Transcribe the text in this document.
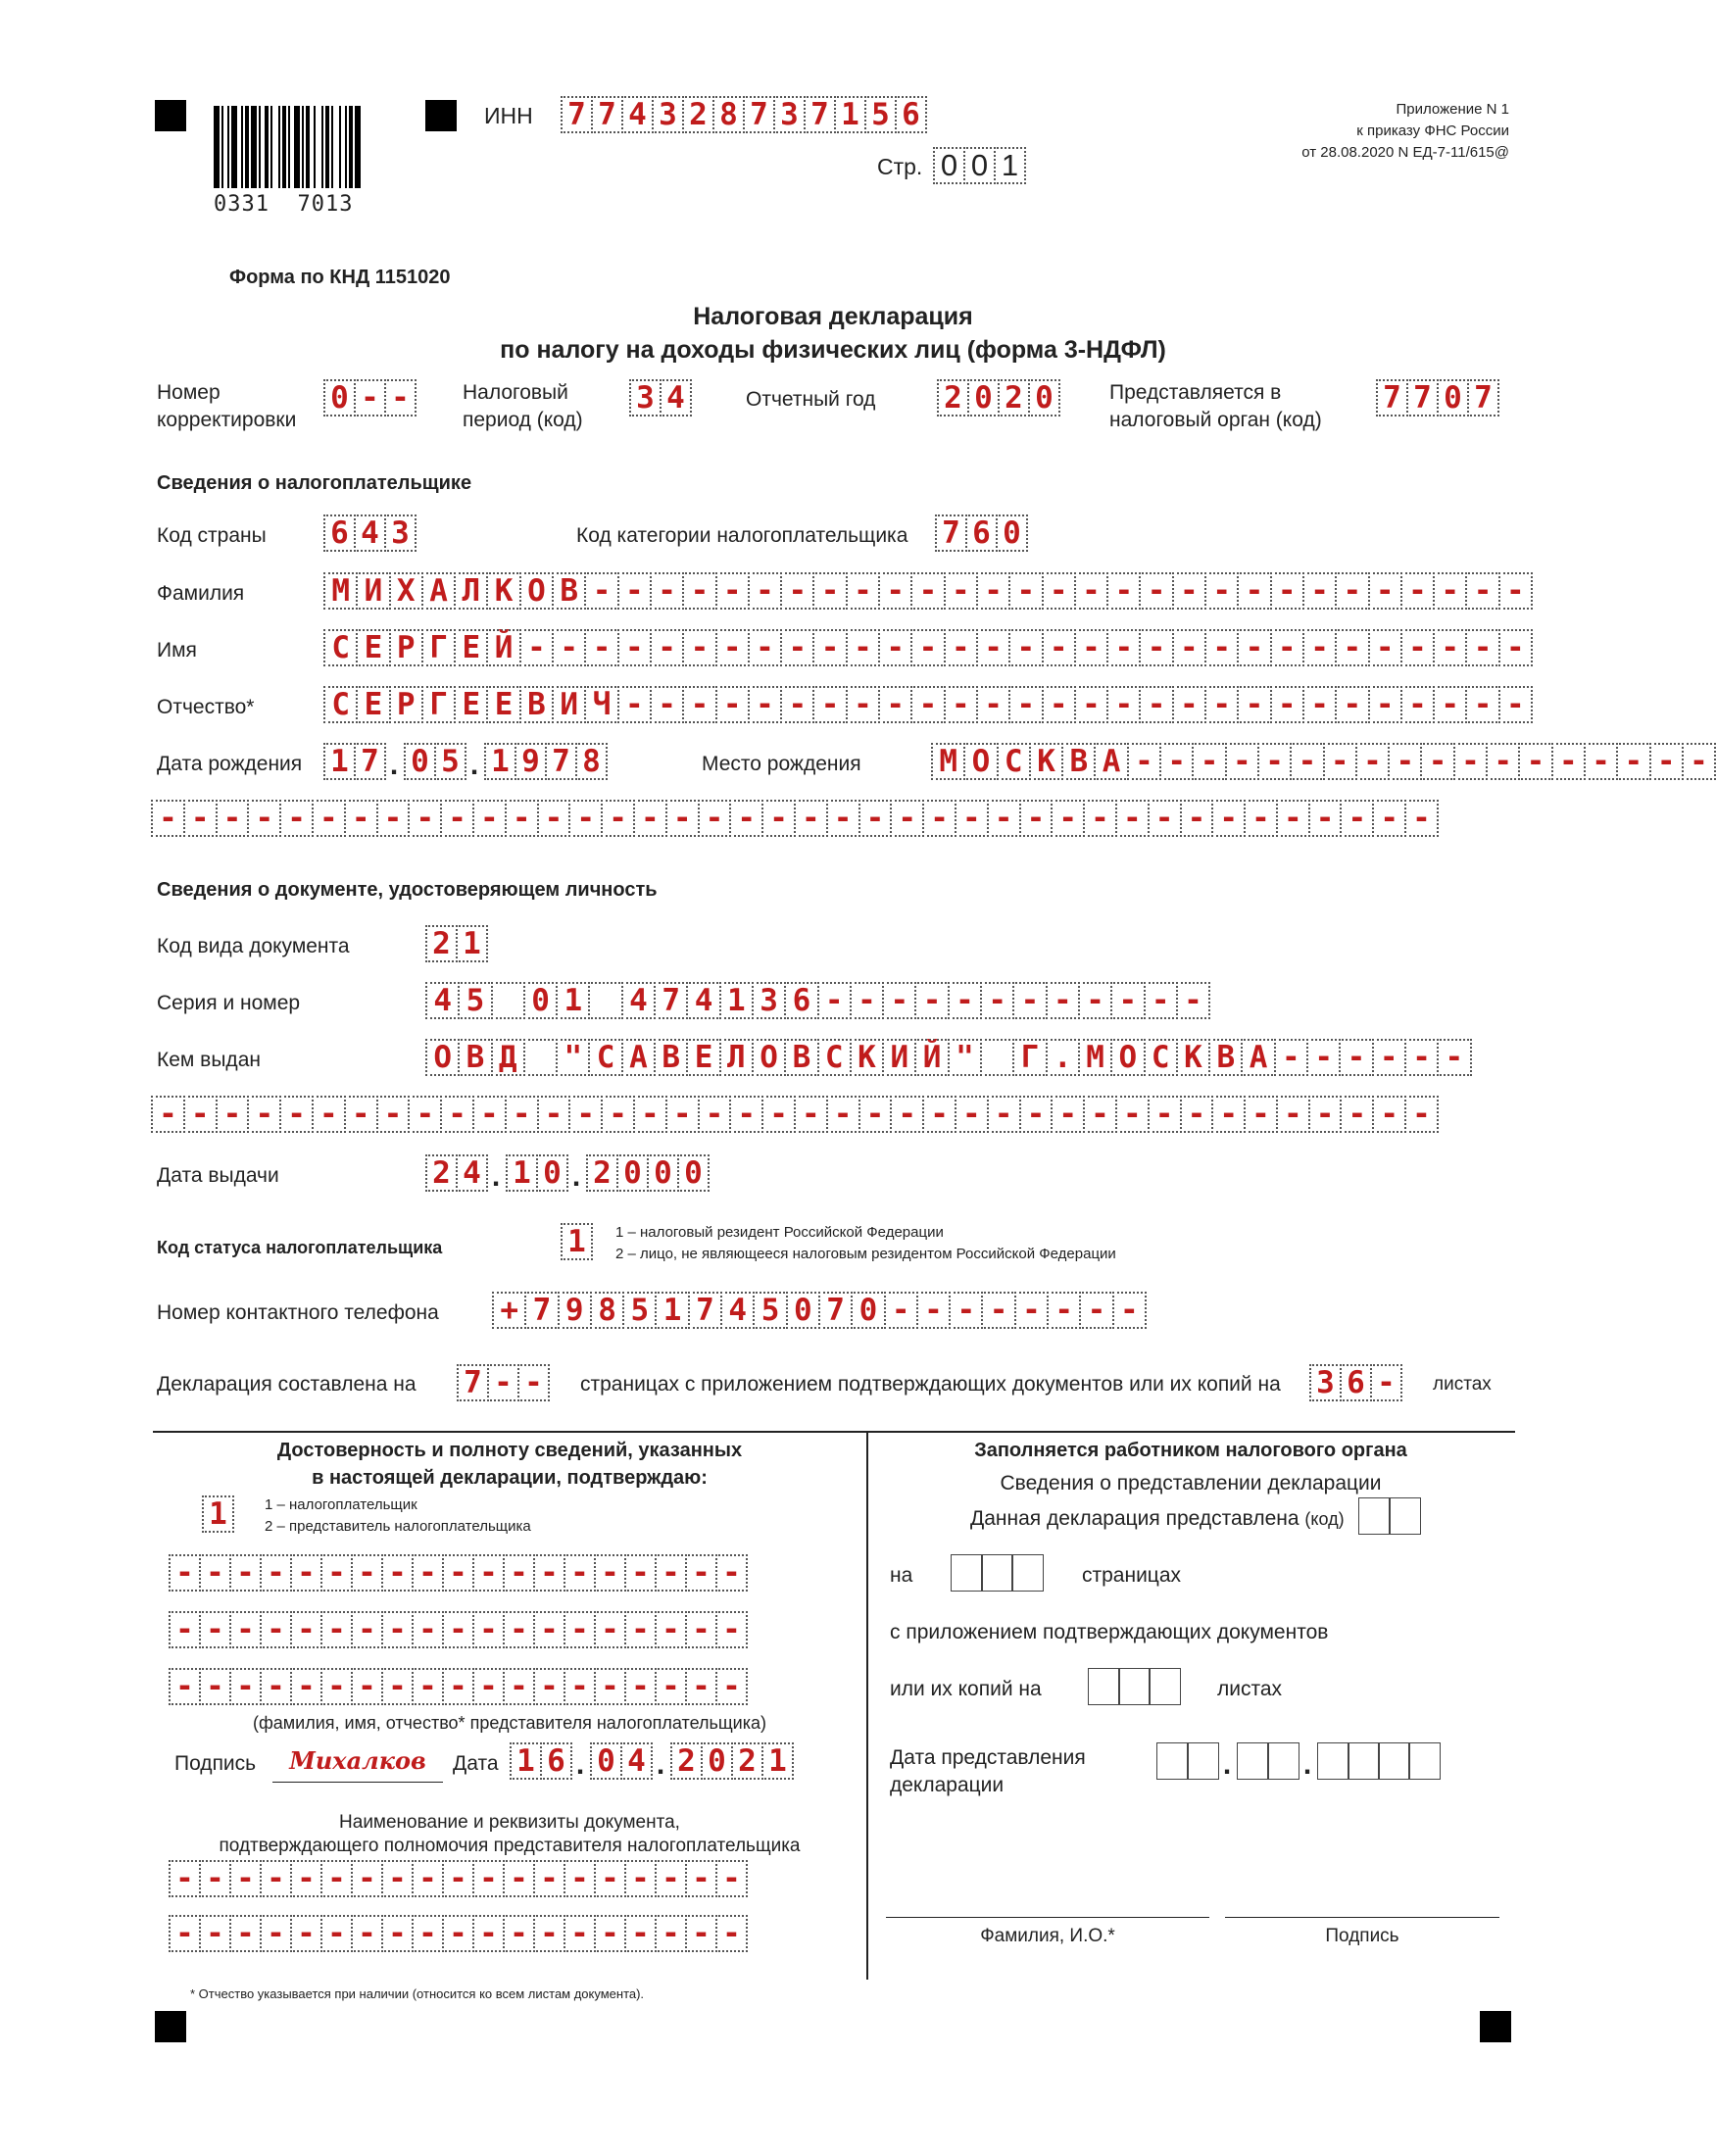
0331  7013
ИНН 7 7 4 3 2 8 7 3 7 1 5 6
Стр. 0 0 1
Приложение N 1
к приказу ФНС России
от 28.08.2020 N ЕД-7-11/615@
Форма по КНД 1151020
Налоговая декларация
по налогу на доходы физических лиц (форма 3-НДФЛ)
Номер
корректировки
0 - -	Налоговый
период (код)
3 4	Отчетный год 2 0 2 0	Представляется в
налоговый орган (код)
7 7 0 7
Сведения о налогоплательщике
Код страны 6 4 3	Код категории налогоплательщика 7 6 0
Фамилия	М И Х А Л К О В - - - - - - - - - - - - - - - - - - - - - - - - - - - - -
Имя	С Е Р Г Е Й - - - - - - - - - - - - - - - - - - - - - - - - - - - - - - -
Отчество*	С Е Р Г Е Е В И Ч - - - - - - - - - - - - - - - - - - - - - - - - - - - -
Дата рождения 1 7 . 0 5 . 1 9 7 8	Место рождения	М О С К В А - - - - - - - - - - - - - - - - - -
- - - - - - - - - - - - - - - - - - - - - - - - - - - - - - - - - - - - - - - -
Сведения о документе, удостоверяющем личность
Код вида документа	2 1
Серия и номер	4 5 0 1 4 7 4 1 3 6 - - - - - - - - - - - -
Кем выдан	О В Д " С А В Е Л О В С К И Й " Г . М О С К В А - - - - - -
- - - - - - - - - - - - - - - - - - - - - - - - - - - - - - - - - - - - - - - -
Дата выдачи	2 4 . 1 0 . 2 0 0 0
Код статуса налогоплательщика	1	1 – налоговый резидент Российской Федерации
2 – лицо, не являющееся налоговым резидентом Российской Федерации
Номер контактного телефона + 7 9 8 5 1 7 4 5 0 7 0 - - - - - - - -
Декларация составлена на 7 - -	страницах с приложением подтверждающих документов или их копий на 3 6 -	листах
Достоверность и полноту сведений, указанных
в настоящей декларации, подтверждаю:
1	1 – налогоплательщик
2 – представитель налогоплательщика
- - - - - - - - - - - - - - - - - - -
- - - - - - - - - - - - - - - - - - -
- - - - - - - - - - - - - - - - - - -
(фамилия, имя, отчество* представителя налогоплательщика)
Подпись	Михалков	Дата 1 6 . 0 4 . 2 0 2 1
Наименование и реквизиты документа,
подтверждающего полномочия представителя налогоплательщика
- - - - - - - - - - - - - - - - - - -
- - - - - - - - - - - - - - - - - - -
Заполняется работником налогового органа
Сведения о представлении декларации
Данная декларация представлена (код)
на	страницах
с приложением подтверждающих документов
или их копий на	листах
Дата представления
декларации
. .
Фамилия, И.О.*	Подпись
* Отчество указывается при наличии (относится ко всем листам документа).
